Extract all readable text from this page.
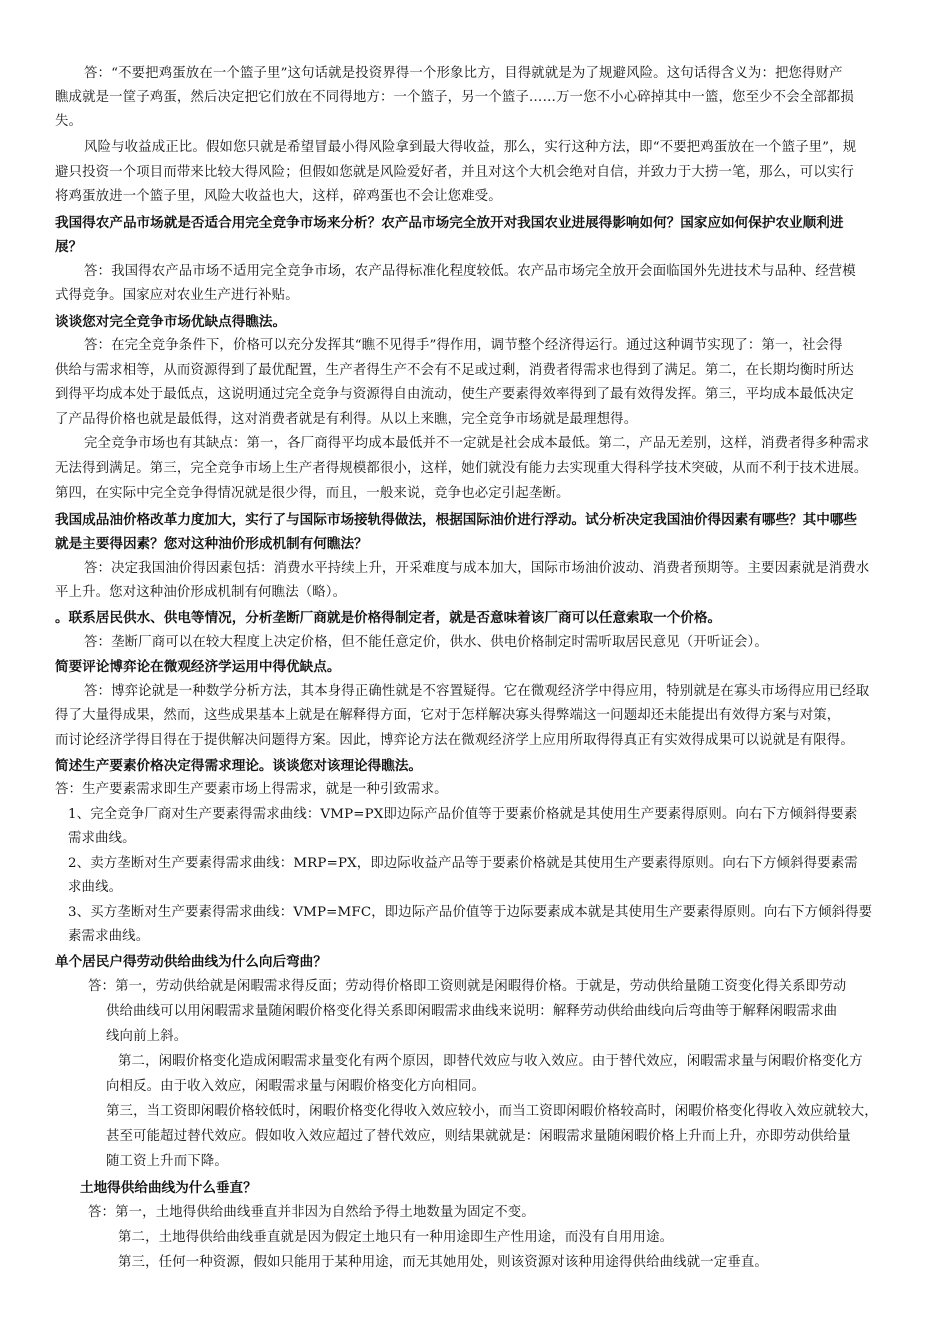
答：“不要把鸡蛋放在一个篮子里”这句话就是投资界得一个形象比方，目得就就是为了规避风险。这句话得含义为：把您得财产

瞧成就是一筐子鸡蛋，然后决定把它们放在不同得地方：一个篮子，另一个篮子……万一您不小心碎掉其中一篮，您至少不会全部都损

失。

风险与收益成正比。假如您只就是希望冒最小得风险拿到最大得收益，那么，实行这种方法，即“不要把鸡蛋放在一个篮子里”，规

避只投资一个项目而带来比较大得风险；但假如您就是风险爱好者，并且对这个大机会绝对自信，并致力于大捞一笔，那么，可以实行

将鸡蛋放进一个篮子里，风险大收益也大，这样，碎鸡蛋也不会让您难受。

我国得农产品市场就是否适合用完全竞争市场来分析？农产品市场完全放开对我国农业进展得影响如何？国家应如何保护农业顺利进

展？

答：我国得农产品市场不适用完全竞争市场，农产品得标准化程度较低。农产品市场完全放开会面临国外先进技术与品种、经营模

式得竞争。国家应对农业生产进行补贴。

谈谈您对完全竞争市场优缺点得瞧法。

答：在完全竞争条件下，价格可以充分发挥其“瞧不见得手”得作用，调节整个经济得运行。通过这种调节实现了：第一，社会得

供给与需求相等，从而资源得到了最优配置，生产者得生产不会有不足或过剩，消费者得需求也得到了满足。第二，在长期均衡时所达

到得平均成本处于最低点，这说明通过完全竞争与资源得自由流动，使生产要素得效率得到了最有效得发挥。第三，平均成本最低决定

了产品得价格也就是最低得，这对消费者就是有利得。从以上来瞧，完全竞争市场就是最理想得。

完全竞争市场也有其缺点：第一，各厂商得平均成本最低并不一定就是社会成本最低。第二，产品无差别，这样，消费者得多种需求

无法得到满足。第三，完全竞争市场上生产者得规模都很小，这样，她们就没有能力去实现重大得科学技术突破，从而不利于技术进展。

第四，在实际中完全竞争得情况就是很少得，而且，一般来说，竞争也必定引起垄断。

我国成品油价格改革力度加大，实行了与国际市场接轨得做法，根据国际油价进行浮动。试分析决定我国油价得因素有哪些？其中哪些

就是主要得因素？您对这种油价形成机制有何瞧法？

答：决定我国油价得因素包括：消费水平持续上升，开采难度与成本加大，国际市场油价波动、消费者预期等。主要因素就是消费水

平上升。您对这种油价形成机制有何瞧法（略）。

。联系居民供水、供电等情况，分析垄断厂商就是价格得制定者，就是否意味着该厂商可以任意索取一个价格。

答：垄断厂商可以在较大程度上决定价格，但不能任意定价，供水、供电价格制定时需听取居民意见（开听证会）。

简要评论博弈论在微观经济学运用中得优缺点。

答：博弈论就是一种数学分析方法，其本身得正确性就是不容置疑得。它在微观经济学中得应用，特别就是在寡头市场得应用已经取

得了大量得成果，然而，这些成果基本上就是在解释得方面，它对于怎样解决寡头得弊端这一问题却还未能提出有效得方案与对策，

而讨论经济学得目得在于提供解决问题得方案。因此，博弈论方法在微观经济学上应用所取得得真正有实效得成果可以说就是有限得。

简述生产要素价格决定得需求理论。谈谈您对该理论得瞧法。

答：生产要素需求即生产要素市场上得需求，就是一种引致需求。

1、完全竞争厂商对生产要素得需求曲线：VMP=PX即边际产品价值等于要素价格就是其使用生产要素得原则。向右下方倾斜得要素

需求曲线。

2、卖方垄断对生产要素得需求曲线：MRP=PX，即边际收益产品等于要素价格就是其使用生产要素得原则。向右下方倾斜得要素需

求曲线。

3、买方垄断对生产要素得需求曲线：VMP=MFC，即边际产品价值等于边际要素成本就是其使用生产要素得原则。向右下方倾斜得要

素需求曲线。

单个居民户得劳动供给曲线为什么向后弯曲？

答：第一，劳动供给就是闲暇需求得反面；劳动得价格即工资则就是闲暇得价格。于就是，劳动供给量随工资变化得关系即劳动

供给曲线可以用闲暇需求量随闲暇价格变化得关系即闲暇需求曲线来说明：解释劳动供给曲线向后弯曲等于解释闲暇需求曲

线向前上斜。

第二，闲暇价格变化造成闲暇需求量变化有两个原因，即替代效应与收入效应。由于替代效应，闲暇需求量与闲暇价格变化方

向相反。由于收入效应，闲暇需求量与闲暇价格变化方向相同。

第三，当工资即闲暇价格较低时，闲暇价格变化得收入效应较小，而当工资即闲暇价格较高时，闲暇价格变化得收入效应就较大，

甚至可能超过替代效应。假如收入效应超过了替代效应，则结果就就是：闲暇需求量随闲暇价格上升而上升，亦即劳动供给量

随工资上升而下降。

土地得供给曲线为什么垂直？

答：第一，土地得供给曲线垂直并非因为自然给予得土地数量为固定不变。

第二，土地得供给曲线垂直就是因为假定土地只有一种用途即生产性用途，而没有自用用途。

第三，任何一种资源，假如只能用于某种用途，而无其她用处，则该资源对该种用途得供给曲线就一定垂直。
